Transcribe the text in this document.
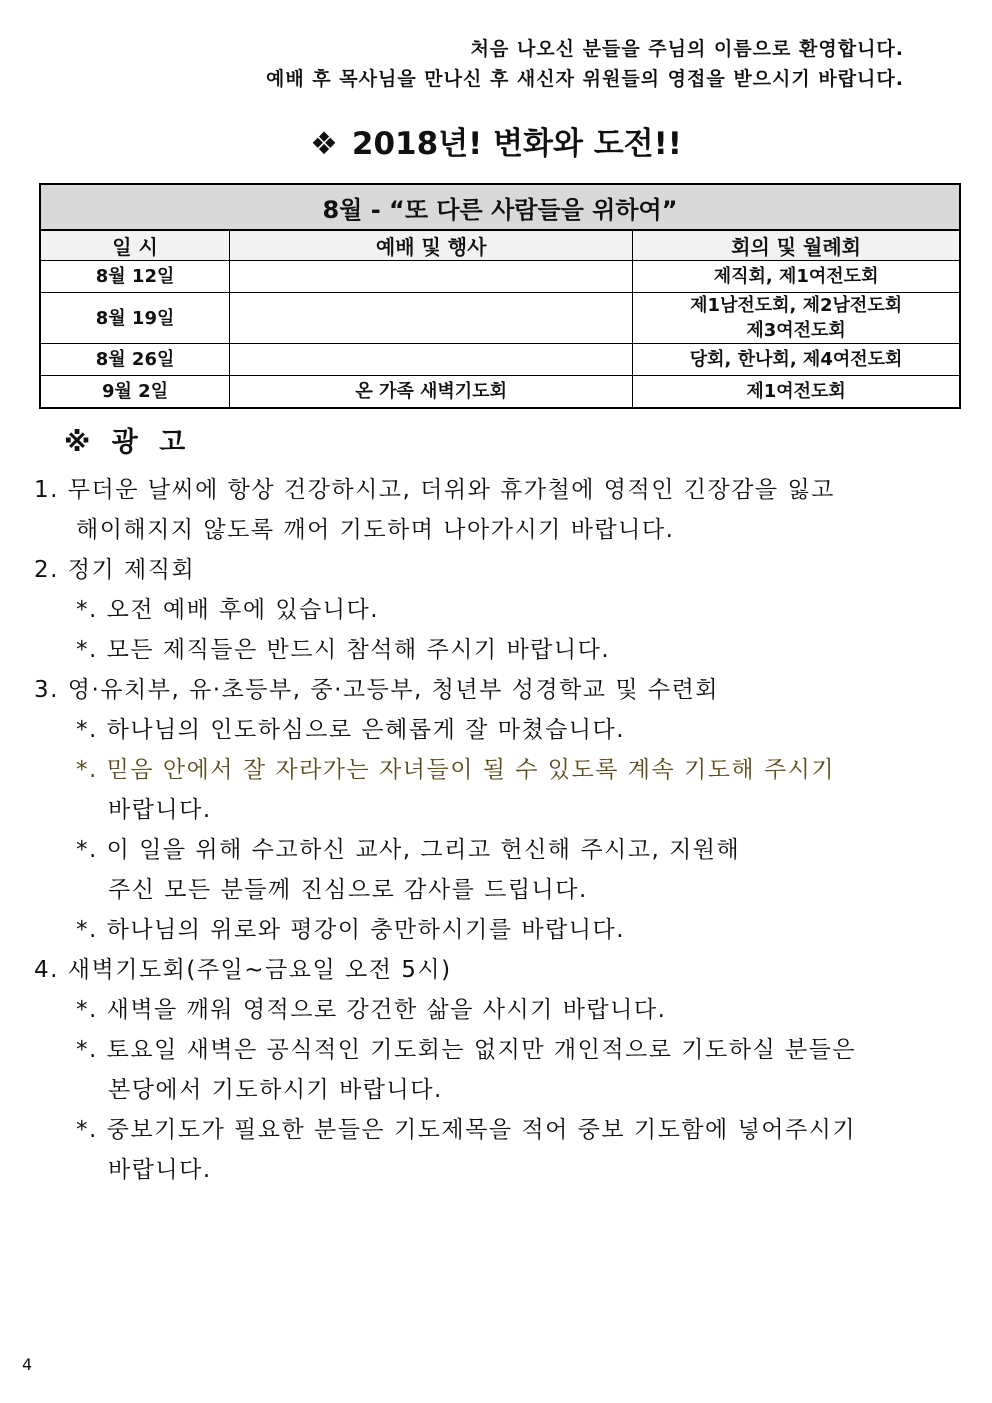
처음 나오신 분들을 주님의 이름으로 환영합니다.
예배 후 목사님을 만나신 후 새신자 위원들의 영접을 받으시기 바랍니다.
❖ 2018년! 변화와 도전!!
8월 - “또 다른 사람들을 위하여”		
일 시	예배 및 행사	회의 및 월례회
8월 12일		제직회, 제1여전도회
8월 19일		제1남전도회, 제2남전도회
제3여전도회

8월 26일		당회, 한나회, 제4여전도회
9월 2일	온 가족 새벽기도회	제1여전도회
※ 광 고
1. 무더운 날씨에 항상 건강하시고, 더위와 휴가철에 영적인 긴장감을 잃고
해이해지지 않도록 깨어 기도하며 나아가시기 바랍니다.
2. 정기 제직회
*. 오전 예배 후에 있습니다.
*. 모든 제직들은 반드시 참석해 주시기 바랍니다.
3. 영·유치부, 유·초등부, 중·고등부, 청년부 성경학교 및 수련회
*. 하나님의 인도하심으로 은혜롭게 잘 마쳤습니다.
*. 믿음 안에서 잘 자라가는 자녀들이 될 수 있도록 계속 기도해 주시기
바랍니다.
*. 이 일을 위해 수고하신 교사, 그리고 헌신해 주시고, 지원해
주신 모든 분들께 진심으로 감사를 드립니다.
*. 하나님의 위로와 평강이 충만하시기를 바랍니다.
4. 새벽기도회(주일~금요일 오전 5시)
*. 새벽을 깨워 영적으로 강건한 삶을 사시기 바랍니다.
*. 토요일 새벽은 공식적인 기도회는 없지만 개인적으로 기도하실 분들은
본당에서 기도하시기 바랍니다.
*. 중보기도가 필요한 분들은 기도제목을 적어 중보 기도함에 넣어주시기
바랍니다.
4
